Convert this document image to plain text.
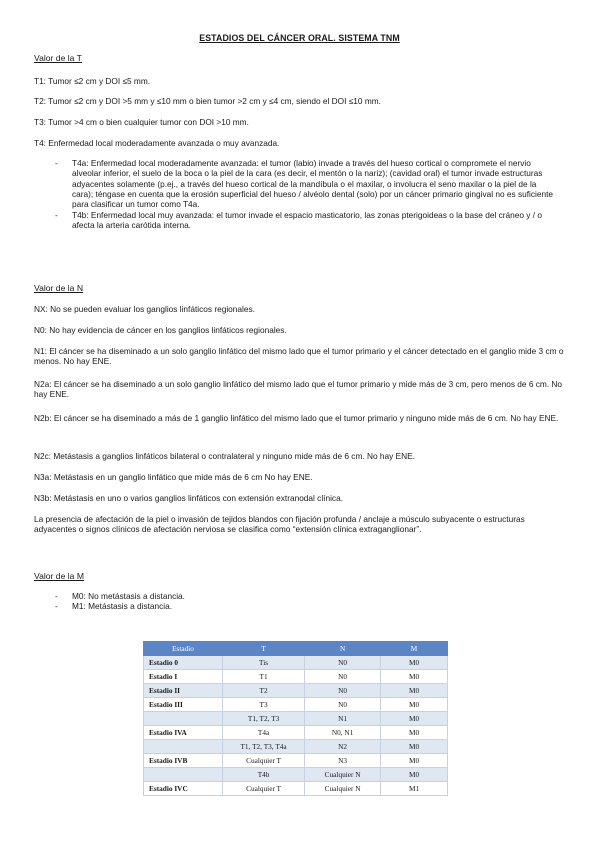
ESTADIOS DEL CÁNCER ORAL. SISTEMA TNM
Valor de la T
T1: Tumor ≤2 cm y DOI ≤5 mm.
T2: Tumor ≤2 cm y DOI >5 mm y ≤10 mm o bien tumor >2 cm y ≤4 cm, siendo el DOI ≤10 mm.
T3: Tumor >4 cm o bien cualquier tumor con DOI >10 mm.
T4: Enfermedad local moderadamente avanzada o muy avanzada.
- T4a: Enfermedad local moderadamente avanzada: el tumor (labio) invade a través del hueso cortical o compromete el nervio alveolar inferior, el suelo de la boca o la piel de la cara (es decir, el mentón o la nariz); (cavidad oral) el tumor invade estructuras adyacentes solamente (p.ej., a través del hueso cortical de la mandíbula o el maxilar, o involucra el seno maxilar o la piel de la cara); téngase en cuenta que la erosión superficial del hueso / alvéolo dental (solo) por un cáncer primario gingival no es suficiente para clasificar un tumor como T4a.
- T4b: Enfermedad local muy avanzada: el tumor invade el espacio masticatorio, las zonas pterigoideas o la base del cráneo y / o afecta la arteria carótida interna.
Valor de la N
NX: No se pueden evaluar los ganglios linfáticos regionales.
N0: No hay evidencia de cáncer en los ganglios linfáticos regionales.
N1: El cáncer se ha diseminado a un solo ganglio linfático del mismo lado que el tumor primario y el cáncer detectado en el ganglio mide 3 cm o menos. No hay ENE.
N2a: El cáncer se ha diseminado a un solo ganglio linfático del mismo lado que el tumor primario y mide más de 3 cm, pero menos de 6 cm. No hay ENE.
N2b: El cáncer se ha diseminado a más de 1 ganglio linfático del mismo lado que el tumor primario y ninguno mide más de 6 cm. No hay ENE.
N2c: Metástasis a ganglios linfáticos bilateral o contralateral y ninguno mide más de 6 cm. No hay ENE.
N3a: Metástasis en un ganglio linfático que mide más de 6 cm No hay ENE.
N3b: Metástasis en uno o varios ganglios linfáticos con extensión extranodal clínica.
La presencia de afectación de la piel o invasión de tejidos blandos con fijación profunda / anclaje a músculo subyacente o estructuras adyacentes o signos clínicos de afectación nerviosa se clasifica como “extensión clínica extraganglionar”.
Valor de la M
- M0: No metástasis a distancia.
- M1: Metástasis a distancia.
Estadio	T	N	M
Estadio 0	Tis	N0	M0
Estadio I	T1	N0	M0
Estadio II	T2	N0	M0
Estadio III	T3	N0	M0
	T1, T2, T3	N1	M0
Estadio IVA	T4a	N0, N1	M0
	T1, T2, T3, T4a	N2	M0
Estadio IVB	Cualquier T	N3	M0
	T4b	Cualquier N	M0
Estadio IVC	Cualquier T	Cualquier N	M1
